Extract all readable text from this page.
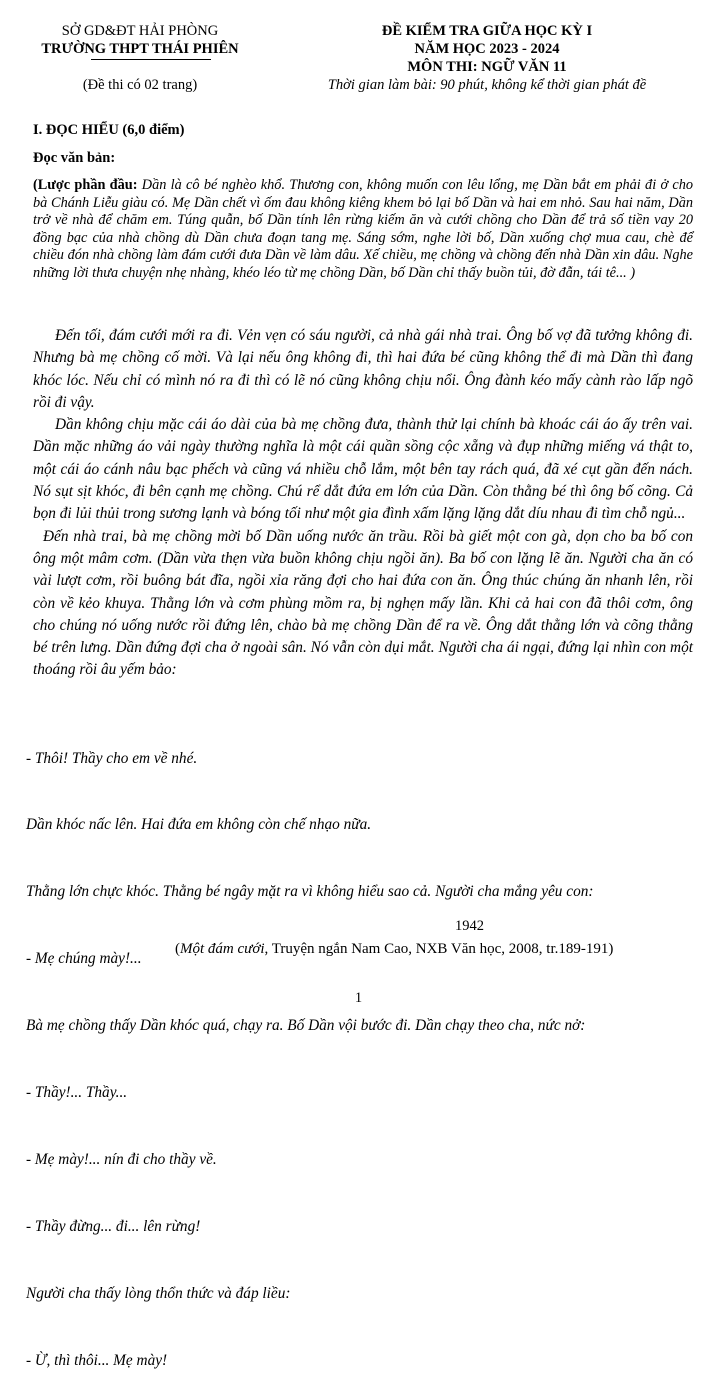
SỞ GD&ĐT HẢI PHÒNG
TRƯỜNG THPT THÁI PHIÊN
(Đề thi có 02 trang)
ĐỀ KIỂM TRA GIỮA HỌC KỲ I
NĂM HỌC 2023 - 2024
MÔN THI: NGỮ VĂN 11
Thời gian làm bài: 90 phút, không kể thời gian phát đề
I. ĐỌC HIỂU (6,0 điểm)
Đọc văn bản:
(Lược phần đầu: Dần là cô bé nghèo khổ. Thương con, không muốn con lêu lổng, mẹ Dần bắt em phải đi ở cho bà Chánh Liễu giàu có. Mẹ Dần chết vì ốm đau không kiêng khem bỏ lại bố Dần và hai em nhỏ. Sau hai năm, Dần trở về nhà để chăm em. Túng quẫn, bố Dần tính lên rừng kiếm ăn và cưới chồng cho Dần để trả số tiền vay 20 đồng bạc của nhà chồng dù Dần chưa đoạn tang mẹ. Sáng sớm, nghe lời bố, Dần xuống chợ mua cau, chè để chiều đón nhà chồng làm đám cưới đưa Dần về làm dâu. Xế chiều, mẹ chồng và chồng đến nhà Dần xin dâu. Nghe những lời thưa chuyện nhẹ nhàng, khéo léo từ mẹ chồng Dần, bố Dần chỉ thấy buồn tủi, đờ đẫn, tái tê... )

Đến tối, đám cưới mới ra đi. Vẻn vẹn có sáu người, cả nhà gái nhà trai. Ông bố vợ đã tưởng không đi. Nhưng bà mẹ chồng cố mời. Và lại nếu ông không đi, thì hai đứa bé cũng không thể đi mà Dần thì đang khóc lóc. Nếu chỉ có mình nó ra đi thì có lẽ nó cũng không chịu nổi. Ông đành kéo mấy cành rào lấp ngõ rồi đi vậy.

Dần không chịu mặc cái áo dài của bà mẹ chồng đưa, thành thử lại chính bà khoác cái áo ấy trên vai. Dần mặc những áo vải ngày thường nghĩa là một cái quần sồng cộc xẵng và đụp những miếng vá thật to, một cái áo cánh nâu bạc phếch và cũng vá nhiều chỗ lắm, một bên tay rách quá, đã xé cụt gần đến nách. Nó sụt sịt khóc, đi bên cạnh mẹ chồng. Chú rể dắt đứa em lớn của Dần. Còn thằng bé thì ông bố cõng. Cả bọn đi lủi thủi trong sương lạnh và bóng tối như một gia đình xấm lặng lặng dắt díu nhau đi tìm chỗ ngủ...

Đến nhà trai, bà mẹ chồng mời bố Dần uống nước ăn trầu. Rồi bà giết một con gà, dọn cho ba bố con ông một mâm cơm. (Dần vừa thẹn vừa buồn không chịu ngồi ăn). Ba bố con lặng lẽ ăn. Người cha ăn có vài lượt cơm, rồi buông bát đĩa, ngồi xỉa răng đợi cho hai đứa con ăn. Ông thúc chúng ăn nhanh lên, rồi còn về kẻo khuya. Thằng lớn và cơm phùng mồm ra, bị nghẹn mấy lần. Khi cả hai con đã thôi cơm, ông cho chúng nó uống nước rồi đứng lên, chào bà mẹ chồng Dần để ra về. Ông dắt thằng lớn và cõng thằng bé trên lưng. Dần đứng đợi cha ở ngoài sân. Nó vẫn còn dụi mắt. Người cha ái ngại, đứng lại nhìn con một thoáng rồi âu yếm bảo:

- Thôi! Thầy cho em về nhé.

Dần khóc nấc lên. Hai đứa em không còn chế nhạo nữa.

Thằng lớn chực khóc. Thằng bé ngây mặt ra vì không hiểu sao cả. Người cha mắng yêu con:

- Mẹ chúng mày!...

Bà mẹ chồng thấy Dần khóc quá, chạy ra. Bố Dần vội bước đi. Dần chạy theo cha, nức nở:

- Thầy!... Thầy...

- Mẹ mày!... nín đi cho thầy về.

- Thầy đừng... đi... lên rừng!

Người cha thấy lòng thổn thức và đáp liều:

- Ừ, thì thôi... Mẹ mày!

1942
(Một đám cưới, Truyện ngắn Nam Cao, NXB Văn học, 2008, tr.189-191)
1
